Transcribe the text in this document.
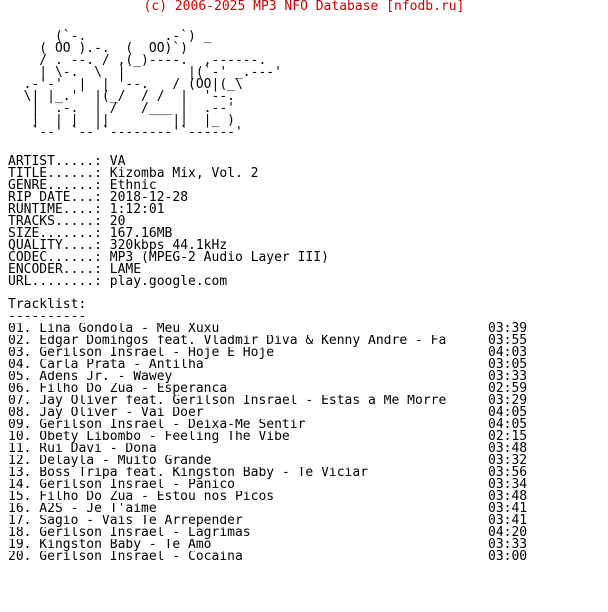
(c) 2006-2025 MP3 NFO Database [nfodb.ru]
(`-.          .-`) _
( OO ).-.  (  OO)`)
/ . --. / ,(_)----.  ,------.
| \-.  \  |        |(`-' _.---'
.-'-'  |  | '--.   / (OO|(_\
\| |_.'  |(_/  / /  |  '--.
|  .-.  | /   /___ |  .--'
|  | |  ||        ||  |_ )
`--' `--'`--------'`------'
ARTIST.....: VA
TITLE......: Kizomba Mix, Vol. 2
GENRE......: Ethnic
RIP DATE...: 2018-12-28
RUNTIME....: 1:12:01
TRACKS.....: 20
SIZE.......: 167.16MB
QUALITY....: 320kbps 44.1kHz
CODEC......: MP3 (MPEG-2 Audio Layer III)
ENCODER....: LAME
URL........: play.google.com
Tracklist:
----------
01. Lina Gondola - Meu Xuxu	03:39
02. Edgar Domingos feat. Vladmir Diva & Kenny Andre - Fa	03:55
03. Gerilson Insrael - Hoje E Hoje	04:03
04. Carla Prata - Antilha	03:05
05. Adens Jr. - Wawey	03:33
06. Filho Do Zua - Esperanca	02:59
07. Jay Oliver feat. Gerilson Insrael - Estas a Me Morre	03:29
08. Jay Oliver - Vai Doer	04:05
09. Gerilson Insrael - Deixa-Me Sentir	04:05
10. Obety Libombo - Feeling The Vibe	02:15
11. Rui Davi - Dona	03:48
12. Delayla - Muito Grande	03:32
13. Boss Tripa feat. Kingston Baby - Te Viciar	03:56
14. Gerilson Insrael - Panico	03:34
15. Filho Do Zua - Estou nos Picos	03:48
16. A2S - Je T'aime	03:41
17. Sagio - Vais Te Arrepender	03:41
18. Gerilson Insrael - Lagrimas	04:20
19. Kingston Baby - Te Amo	03:33
20. Gerilson Insrael - Cocaina	03:00
